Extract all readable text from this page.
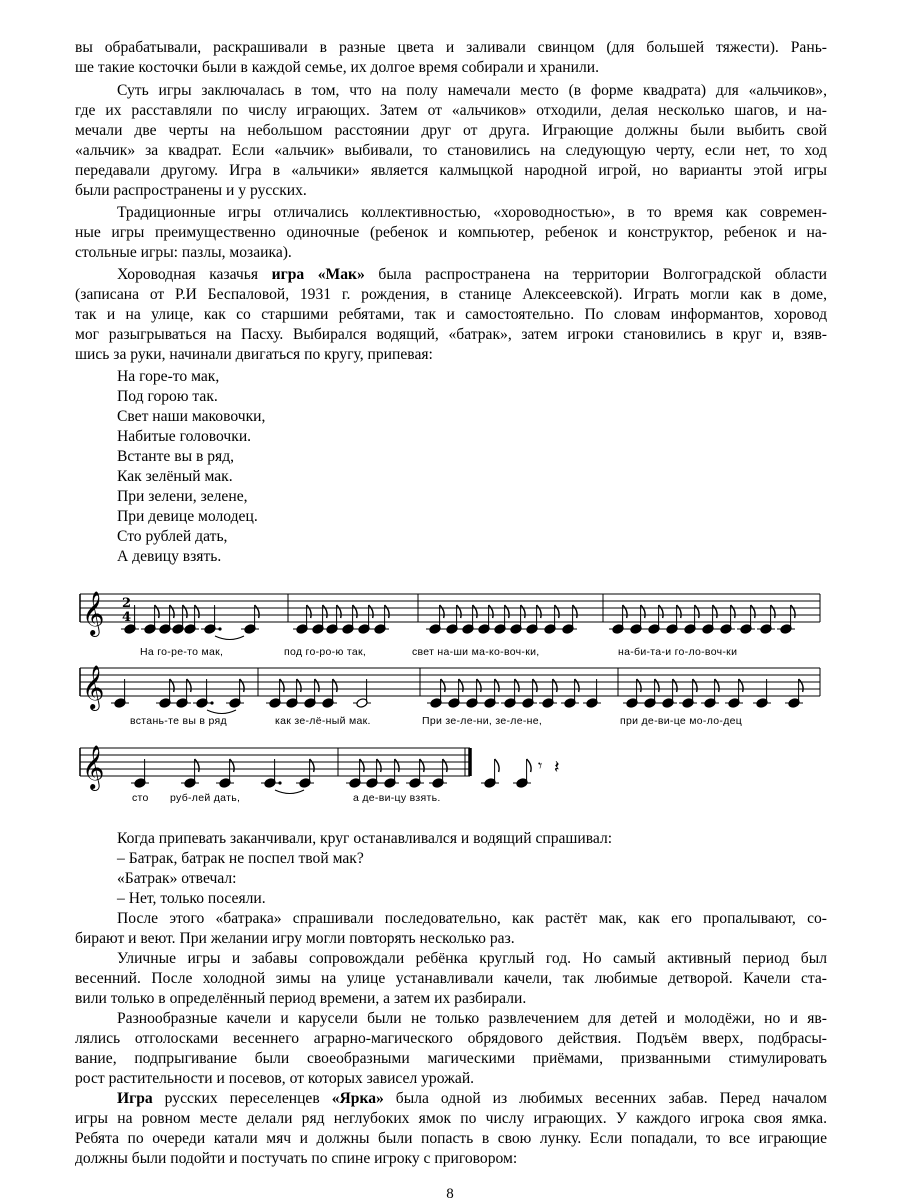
вы обрабатывали, раскрашивали в разные цвета и заливали свинцом (для большей тяжести). Рань-
ше такие косточки были в каждой семье, их долгое время собирали и хранили.
Суть игры заключалась в том, что на полу намечали место (в форме квадрата) для «альчиков»,
где их расставляли по числу играющих. Затем от «альчиков» отходили, делая несколько шагов, и на-
мечали две черты на небольшом расстоянии друг от друга. Играющие должны были выбить свой
«альчик» за квадрат. Если «альчик» выбивали, то становились на следующую черту, если нет, то ход
передавали другому. Игра в «альчики» является калмыцкой народной игрой, но варианты этой игры
были распространены и у русских.
Традиционные игры отличались коллективностью, «хороводностью», в то время как современ-
ные игры преимущественно одиночные (ребенок и компьютер, ребенок и конструктор, ребенок и на-
стольные игры: пазлы, мозаика).
Хороводная казачья игра «Мак» была распространена на территории Волгоградской области
(записана от Р.И Беспаловой, 1931 г. рождения, в станице Алексеевской). Играть могли как в доме,
так и на улице, как со старшими ребятами, так и самостоятельно. По словам информантов, хоровод
мог разыгрываться на Пасху. Выбирался водящий, «батрак», затем игроки становились в круг и, взяв-
шись за руки, начинали двигаться по кругу, припевая:
На горе-то мак,
Под горою так.
Свет наши маковочки,
Набитые головочки.
Встанте вы в ряд,
Как зелёный мак.
При зелени, зелене,
При девице молодец.
Сто рублей дать,
А девицу взять.
𝄞 2
4
𝄞
𝄞	𝄾 𝄽
На го-ре-то мак,	под го-ро-ю так,	свет на-ши ма-ко-воч-ки,	на-би-та-и го-ло-воч-ки
встань-те вы в ряд	как зе-лё-ный мак.	При зе-ле-ни, зе-ле-не,	при де-ви-це мо-ло-дец
сто руб-лей дать,	а де-ви-цу взять.
Когда припевать заканчивали, круг останавливался и водящий спрашивал:
– Батрак, батрак не поспел твой мак?
«Батрак» отвечал:
– Нет, только посеяли.
После этого «батрака» спрашивали последовательно, как растёт мак, как его пропалывают, со-
бирают и веют. При желании игру могли повторять несколько раз.
Уличные игры и забавы сопровождали ребёнка круглый год. Но самый активный период был
весенний. После холодной зимы на улице устанавливали качели, так любимые детворой. Качели ста-
вили только в определённый период времени, а затем их разбирали.
Разнообразные качели и карусели были не только развлечением для детей и молодёжи, но и яв-
лялись отголосками весеннего аграрно-магического обрядового действия. Подъём вверх, подбрасы-
вание, подпрыгивание были своеобразными магическими приёмами, призванными стимулировать
рост растительности и посевов, от которых зависел урожай.
Игра русских переселенцев «Ярка» была одной из любимых весенних забав. Перед началом
игры на ровном месте делали ряд неглубоких ямок по числу играющих. У каждого игрока своя ямка.
Ребята по очереди катали мяч и должны были попасть в свою лунку. Если попадали, то все играющие
должны были подойти и постучать по спине игроку с приговором:
8
